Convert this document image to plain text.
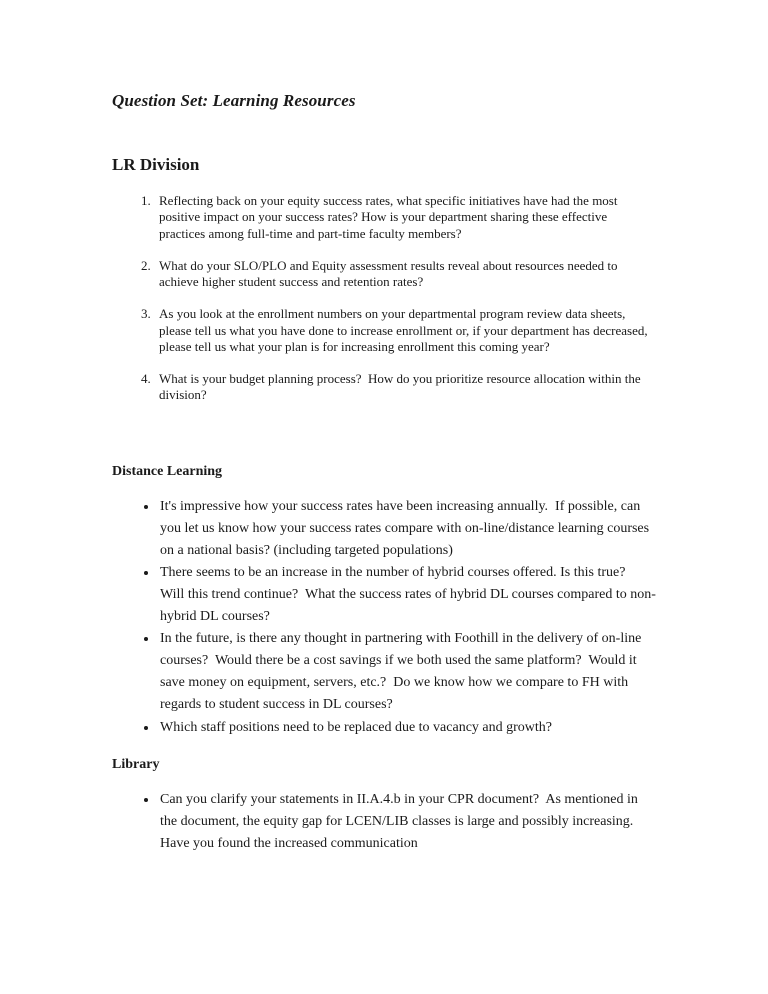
Question Set: Learning Resources
LR Division
1. Reflecting back on your equity success rates, what specific initiatives have had the most positive impact on your success rates? How is your department sharing these effective practices among full-time and part-time faculty members?
2. What do your SLO/PLO and Equity assessment results reveal about resources needed to achieve higher student success and retention rates?
3. As you look at the enrollment numbers on your departmental program review data sheets, please tell us what you have done to increase enrollment or, if your department has decreased, please tell us what your plan is for increasing enrollment this coming year?
4. What is your budget planning process?  How do you prioritize resource allocation within the division?
Distance Learning
• It's impressive how your success rates have been increasing annually.  If possible, can you let us know how your success rates compare with on-line/distance learning courses on a national basis? (including targeted populations)
• There seems to be an increase in the number of hybrid courses offered. Is this true?  Will this trend continue?  What the success rates of hybrid DL courses compared to non-hybrid DL courses?
• In the future, is there any thought in partnering with Foothill in the delivery of on-line courses?  Would there be a cost savings if we both used the same platform?  Would it save money on equipment, servers, etc.?  Do we know how we compare to FH with regards to student success in DL courses?
• Which staff positions need to be replaced due to vacancy and growth?
Library
• Can you clarify your statements in II.A.4.b in your CPR document?  As mentioned in the document, the equity gap for LCEN/LIB classes is large and possibly increasing.  Have you found the increased communication
